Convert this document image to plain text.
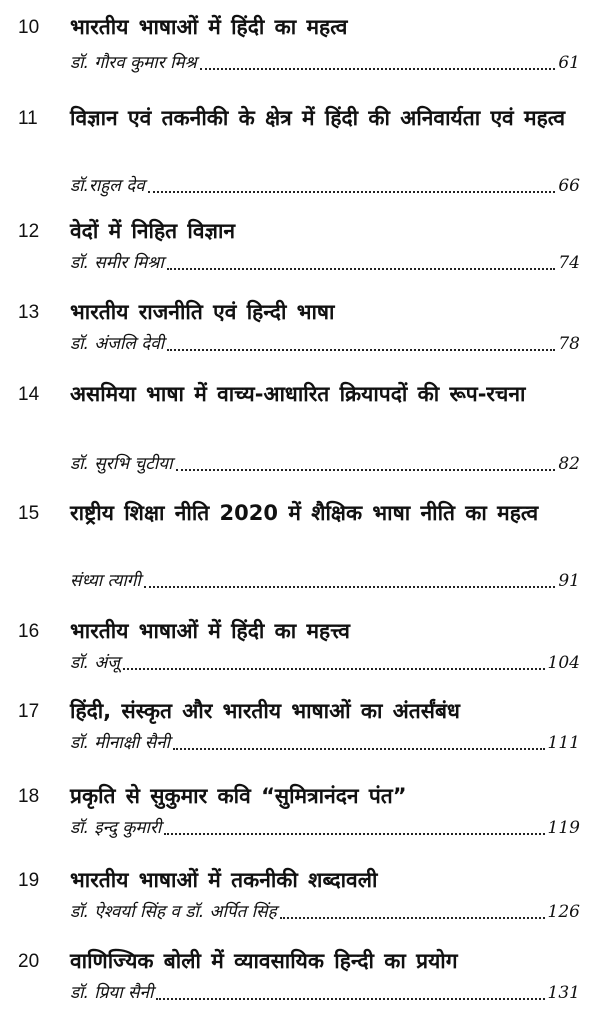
10	भारतीय भाषाओं में हिंदी का महत्व
डॉ. गौरव कुमार मिश्र	61
11	विज्ञान एवं तकनीकी के क्षेत्र में हिंदी की अनिवार्यता एवं महत्व
डॉ.राहुल देव	66
12	वेदों में निहित विज्ञान
डॉ. समीर मिश्रा	74
13	भारतीय राजनीति एवं हिन्दी भाषा
डॉ. अंजलि देवी	78
14	असमिया भाषा में वाच्य-आधारित क्रियापदों की रूप-रचना
डॉ. सुरभि चुटीया	82
15	राष्ट्रीय शिक्षा नीति 2020 में शैक्षिक भाषा नीति का महत्व
संध्या त्यागी	91
16	भारतीय भाषाओं में हिंदी का महत्त्व
डॉ. अंजू	104
17	हिंदी, संस्कृत और भारतीय भाषाओं का अंतर्संबंध
डॉ. मीनाक्षी सैनी	111
18	प्रकृति से सुकुमार कवि “सुमित्रानंदन पंत”
डॉ. इन्दु कुमारी	119
19	भारतीय भाषाओं में तकनीकी शब्दावली
डॉ. ऐश्वर्या सिंह व डॉ. अर्पित सिंह	126
20	वाणिज्यिक बोली में व्यावसायिक हिन्दी का प्रयोग
डॉ. प्रिया सैनी	131
